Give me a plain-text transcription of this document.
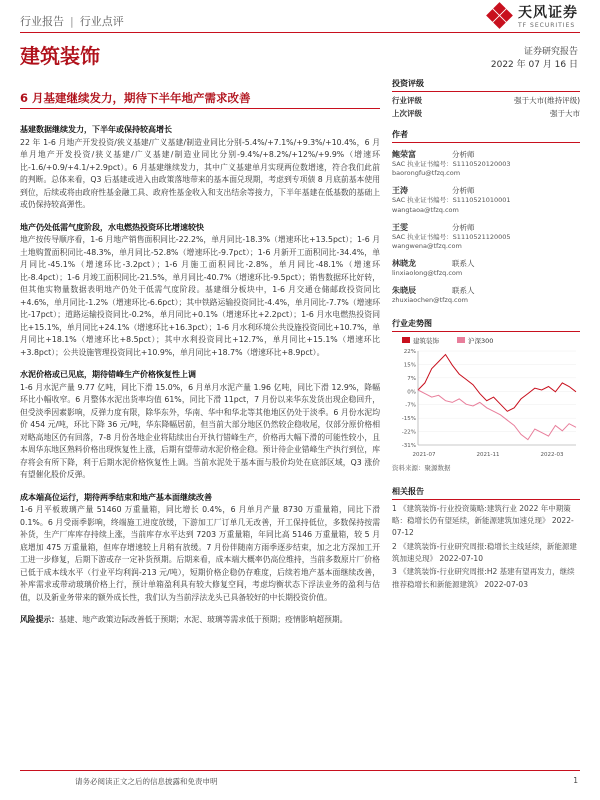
行业报告 | 行业点评
天风证券
TF SECURITIES
建筑装饰	证券研究报告
2022 年 07 月 16 日
6 月基建继续发力，期待下半年地产需求改善
基建数据继续发力，下半年或保持较高增长
22 年 1-6 月地产开发投资/狭义基建/广义基建/制造业同比分别-5.4%/+7.1%/+9.3%/+10.4%，6 月单月地产开发投资/狭义基建/广义基建/制造业同比分别-9.4%/+8.2%/+12%/+9.9%（增速环比-1.6/+0.9/+4.1/+2.9pct）。6 月基建继续发力，其中广义基建单月实现两位数增速，符合我们此前的判断。总体来看，Q3 后基建或进入由政策落地带来的基本面兑现期，考虑到专项债 8 月底前基本使用到位，后续或将由政府性基金融工具、政府性基金收入和支出结余等接力，下半年基建在低基数的基础上或仍保持较高弹性。
地产仍处低需气度阶段，水电燃热投资环比增速较快
地产按传导顺序看，1-6 月地产销售面积同比-22.2%，单月同比-18.3%（增速环比+13.5pct）；1-6 月土地购置面积同比-48.3%，单月同比-52.8%（增速环比-9.7pct）；1-6 月新开工面积同比-34.4%，单月同比-45.1%（增速环比-3.2pct）；1-6 月施工面积同比-2.8%，单月同比-48.1%（增速环比-8.4pct）；1-6 月竣工面积同比-21.5%，单月同比-40.7%（增速环比-9.5pct）；销售数据环比好转，但其他实物量数据表明地产仍处于低需气度阶段。基建细分板块中，1-6 月交通仓储邮政投资同比+4.6%，单月同比-1.2%（增速环比-6.6pct）；其中铁路运输投资同比-4.4%，单月同比-7.7%（增速环比-17pct）；道路运输投资同比-0.2%，单月同比+0.1%（增速环比+2.2pct）；1-6 月水电燃热投资同比+15.1%，单月同比+24.1%（增速环比+16.3pct）；1-6 月水利环境公共设施投资同比+10.7%，单月同比+18.1%（增速环比+8.5pct）；其中水利投资同比+12.7%，单月同比+15.1%（增速环比+3.8pct）；公共设施管理投资同比+10.9%，单月同比+18.7%（增速环比+8.9pct）。
水泥价格或已见底，期待错峰生产价格恢复性上调
1-6 月水泥产量 9.77 亿吨，同比下滑 15.0%，6 月单月水泥产量 1.96 亿吨，同比下滑 12.9%，降幅环比小幅收窄。6 月整体水泥出货率均值 61%，同比下滑 11pct，7 月份以来华东发货出现企稳回升，但受淡季因素影响，反弹力度有限，除华东外，华南、华中和华北等其他地区仍处于淡季。6 月份水泥均价 454 元/吨，环比下降 36 元/吨，华东降幅居前，但当前大部分地区仍然较企稳收尾，仅部分原价格相对略高地区仍有回落，7-8 月份各地企业将陆续出台开执行错峰生产，价格再大幅下滑的可能性较小，且本周华东地区熟料价格出现恢复性上涨，后期有望带动水泥价格企稳。预计待企业错峰生产执行到位，库存将会有所下降，利于后期水泥价格恢复性上调。当前水泥处于基本面与股价均处在底部区域，Q3 涨价有望催化股价反弹。
成本端高位运行，期待两季结束和地产基本面继续改善
1-6 月平板玻璃产量 51460 万重量箱，同比增长 0.4%，6 月单月产量 8730 万重量箱，同比下滑 0.1%。6 月受雨季影响，终端施工进度放缓，下游加工厂订单几无改善，开工保持低位，多数保持按需补货，生产厂库库存持续上涨，当前库存水平达到 7203 万重量箱，年同比高 5146 万重量箱，较 5 月底增加 475 万重量箱，但库存增速较上月稍有放缓。7 月份伴随南方雨季逐步结束，加之北方深加工开工进一步修复，后期下游或存一定补货预期。后期来看，成本端大概率仍高位维持，当前多数原片厂价格已低于成本线水平（行业平均利润-213 元/吨），短期价格企稳仍存难度，后续若地产基本面继续改善，补库需求或带动玻璃价格上行，预计单箱盈利具有较大修复空间，考虑均衡状态下浮法业务的盈利与估值，以及新业务带来的额外成长性，我们认为当前浮法龙头已具备较好的中长期投资价值。
风险提示：基建、地产政策边际改善低于预期；水泥、玻璃等需求低于预期；疫情影响超预期。
投资评级
行业评级	强于大市(维持评级)
上次评级	强于大市
作者
鲍荣富	分析师
SAC 执业证书编号：S1110520120003
baorongfu@tfzq.com
王涛	分析师
SAC 执业证书编号：S1110521010001
wangtaoa@tfzq.com
王雯	分析师
SAC 执业证书编号：S1110521120005
wangwena@tfzq.com
林晓龙	联系人
linxiaolong@tfzq.com
朱晓辰	联系人
zhuxiaochen@tfzq.com
行业走势图
建筑装饰	沪深300
22%
15%
7%
0%
-7%
-15%
-22%
-31%
2021-07	2021-11	2022-03
资料来源：聚源数据
相关报告
1 《建筑装饰-行业投资策略:建筑行业 2022 年中期策略：稳增长仍有望延续，新能源建筑加速兑现》 2022-07-12
2 《建筑装饰-行业研究周报:稳增长主线延续，新能源建筑加速兑现》 2022-07-10
3 《建筑装饰-行业研究周报:H2 基建有望再发力，继续推荐稳增长和新能源建筑》 2022-07-03
请务必阅读正文之后的信息披露和免责申明	1
